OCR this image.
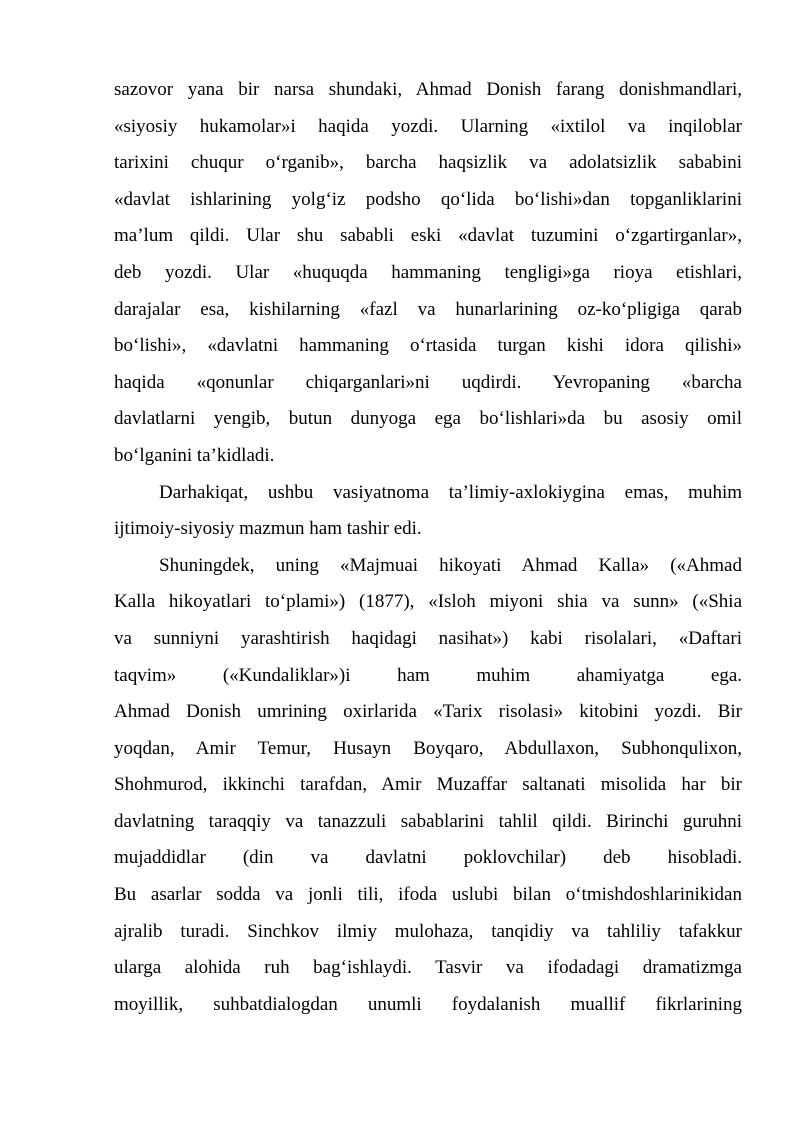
sazovor yana bir narsa shundaki, Ahmad Donish farang donishmandlari,
«siyosiy hukamolar»i haqida yozdi. Ularning «ixtilol va inqiloblar
tarixini chuqur o‘rganib», barcha haqsizlik va adolatsizlik sababini
«davlat ishlarining yolg‘iz podsho qo‘lida bo‘lishi»dan topganliklarini
ma’lum qildi. Ular shu sababli eski «davlat tuzumini o‘zgartirganlar»,
deb yozdi. Ular «huquqda hammaning tengligi»ga rioya etishlari,
darajalar esa, kishilarning «fazl va hunarlarining oz-ko‘pligiga qarab
bo‘lishi», «davlatni hammaning o‘rtasida turgan kishi idora qilishi»
haqida «qonunlar chiqarganlari»ni uqdirdi. Yevropaning «barcha
davlatlarni yengib, butun dunyoga ega bo‘lishlari»da bu asosiy omil
bo‘lganini ta’kidladi.
Darhakiqat, ushbu vasiyatnoma ta’limiy-axlokiygina emas, muhim
ijtimoiy-siyosiy mazmun ham tashir edi.
Shuningdek, uning «Majmuai hikoyati Ahmad Kalla» («Ahmad
Kalla hikoyatlari to‘plami») (1877), «Isloh miyoni shia va sunn» («Shia
va sunniyni yarashtirish haqidagi nasihat») kabi risolalari, «Daftari
taqvim» («Kundaliklar»)i ham muhim ahamiyatga ega.
Ahmad Donish umrining oxirlarida «Tarix risolasi» kitobini yozdi. Bir
yoqdan, Amir Temur, Husayn Boyqaro, Abdullaxon, Subhonqulixon,
Shohmurod, ikkinchi tarafdan, Amir Muzaffar saltanati misolida har bir
davlatning taraqqiy va tanazzuli sabablarini tahlil qildi. Birinchi guruhni
mujaddidlar (din va davlatni poklovchilar) deb hisobladi.
Bu asarlar sodda va jonli tili, ifoda uslubi bilan o‘tmishdoshlarinikidan
ajralib turadi. Sinchkov ilmiy mulohaza, tanqidiy va tahliliy tafakkur
ularga alohida ruh bag‘ishlaydi. Tasvir va ifodadagi dramatizmga
moyillik, suhbatdialogdan unumli foydalanish muallif fikrlarining
